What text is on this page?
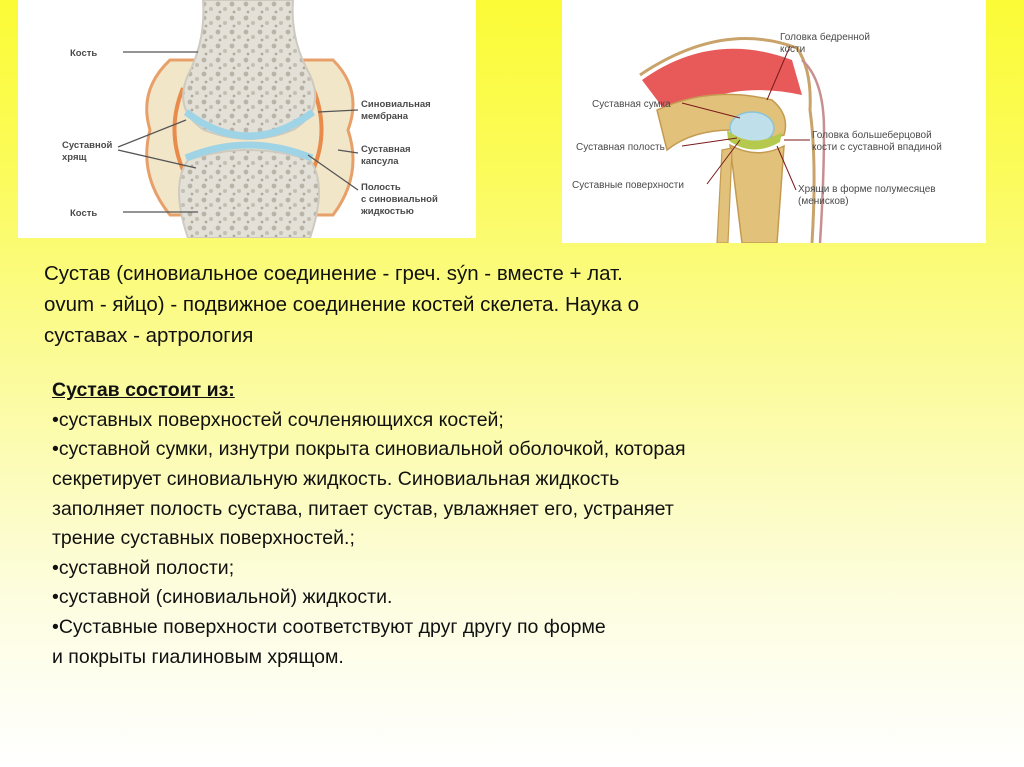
Кость
Суставной
хрящ
Кость
Синовиальная
мембрана
Суставная
капсула
Полость
с синовиальной
жидкостью
Головка бедренной
кости
Суставная сумка
Суставная полость
Суставные поверхности
Головка большеберцовой
кости с суставной впадиной
Хрящи в форме полумесяцев
(менисков)

Сустав (синовиальное соединение - греч. sýn - вместе + лат.
ovum - яйцо) - подвижное соединение костей скелета. Наука о
суставах - артрология

Сустав состоит из:

•суставных поверхностей сочленяющихся костей;
•суставной сумки, изнутри покрыта синовиальной оболочкой, которая
секретирует синовиальную жидкость. Синовиальная жидкость
заполняет полость сустава, питает сустав, увлажняет его, устраняет
трение суставных поверхностей.;
•суставной полости;
•суставной (синовиальной) жидкости.
•Суставные поверхности соответствуют друг другу по форме
и покрыты гиалиновым хрящом.
